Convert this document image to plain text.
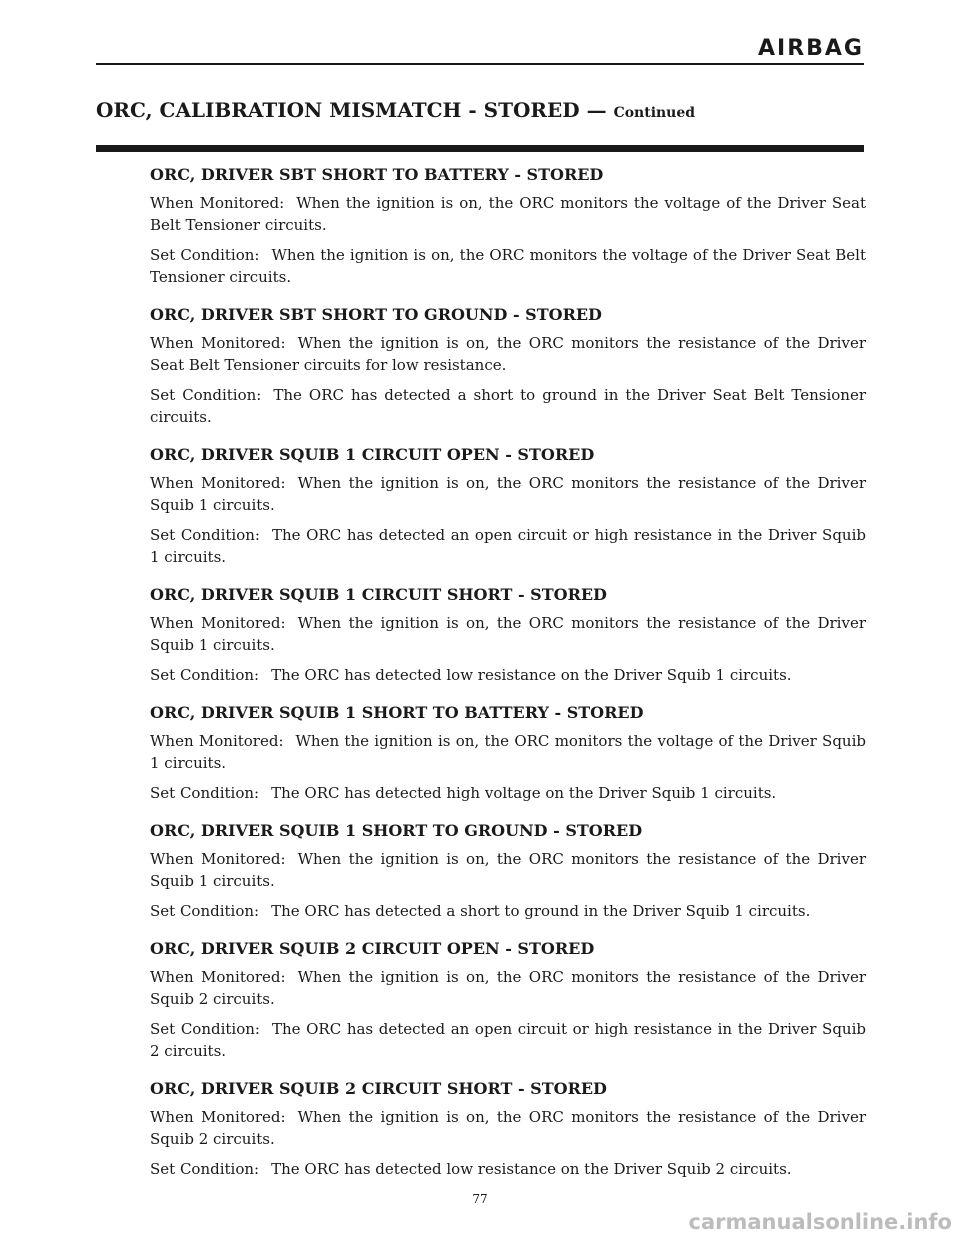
AIRBAG
ORC, CALIBRATION MISMATCH - STORED — Continued
ORC, DRIVER SBT SHORT TO BATTERY - STORED

When Monitored: When the ignition is on, the ORC monitors the voltage of the Driver Seat Belt Tensioner circuits.

Set Condition: When the ignition is on, the ORC monitors the voltage of the Driver Seat Belt Tensioner circuits.

ORC, DRIVER SBT SHORT TO GROUND - STORED

When Monitored: When the ignition is on, the ORC monitors the resistance of the Driver Seat Belt Tensioner circuits for low resistance.

Set Condition: The ORC has detected a short to ground in the Driver Seat Belt Tensioner circuits.

ORC, DRIVER SQUIB 1 CIRCUIT OPEN - STORED

When Monitored: When the ignition is on, the ORC monitors the resistance of the Driver Squib 1 circuits.

Set Condition: The ORC has detected an open circuit or high resistance in the Driver Squib 1 circuits.

ORC, DRIVER SQUIB 1 CIRCUIT SHORT - STORED

When Monitored: When the ignition is on, the ORC monitors the resistance of the Driver Squib 1 circuits.

Set Condition: The ORC has detected low resistance on the Driver Squib 1 circuits.

ORC, DRIVER SQUIB 1 SHORT TO BATTERY - STORED

When Monitored: When the ignition is on, the ORC monitors the voltage of the Driver Squib 1 circuits.

Set Condition: The ORC has detected high voltage on the Driver Squib 1 circuits.

ORC, DRIVER SQUIB 1 SHORT TO GROUND - STORED

When Monitored: When the ignition is on, the ORC monitors the resistance of the Driver Squib 1 circuits.

Set Condition: The ORC has detected a short to ground in the Driver Squib 1 circuits.

ORC, DRIVER SQUIB 2 CIRCUIT OPEN - STORED

When Monitored: When the ignition is on, the ORC monitors the resistance of the Driver Squib 2 circuits.

Set Condition: The ORC has detected an open circuit or high resistance in the Driver Squib 2 circuits.

ORC, DRIVER SQUIB 2 CIRCUIT SHORT - STORED

When Monitored: When the ignition is on, the ORC monitors the resistance of the Driver Squib 2 circuits.

Set Condition: The ORC has detected low resistance on the Driver Squib 2 circuits.

77

carmanualsonline.info
